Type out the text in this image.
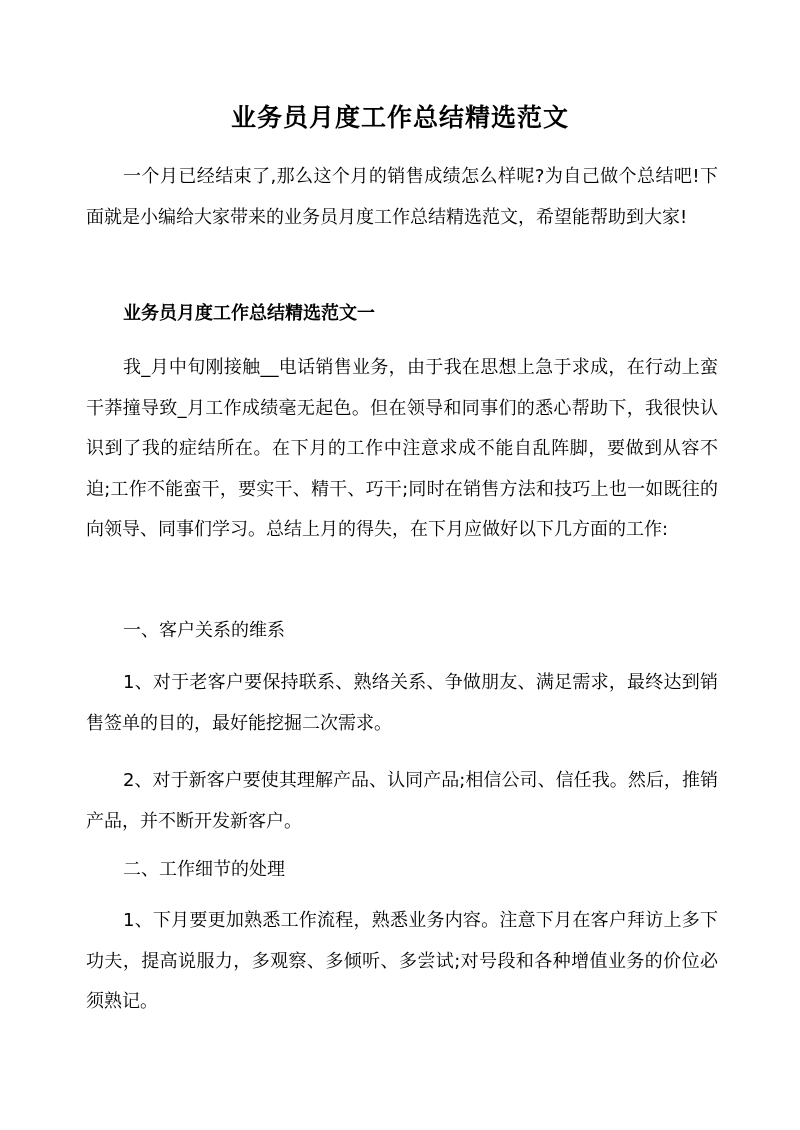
业务员月度工作总结精选范文
一个月已经结束了,那么这个月的销售成绩怎么样呢?为自己做个总结吧!下面就是小编给大家带来的业务员月度工作总结精选范文，希望能帮助到大家!
业务员月度工作总结精选范文一
我_月中旬刚接触__电话销售业务，由于我在思想上急于求成，在行动上蛮干莽撞导致_月工作成绩毫无起色。但在领导和同事们的悉心帮助下，我很快认识到了我的症结所在。在下月的工作中注意求成不能自乱阵脚，要做到从容不迫;工作不能蛮干，要实干、精干、巧干;同时在销售方法和技巧上也一如既往的向领导、同事们学习。总结上月的得失，在下月应做好以下几方面的工作:
一、客户关系的维系
1、对于老客户要保持联系、熟络关系、争做朋友、满足需求，最终达到销售签单的目的，最好能挖掘二次需求。
2、对于新客户要使其理解产品、认同产品;相信公司、信任我。然后，推销产品，并不断开发新客户。
二、工作细节的处理
1、下月要更加熟悉工作流程，熟悉业务内容。注意下月在客户拜访上多下功夫，提高说服力，多观察、多倾听、多尝试;对号段和各种增值业务的价位必须熟记。
